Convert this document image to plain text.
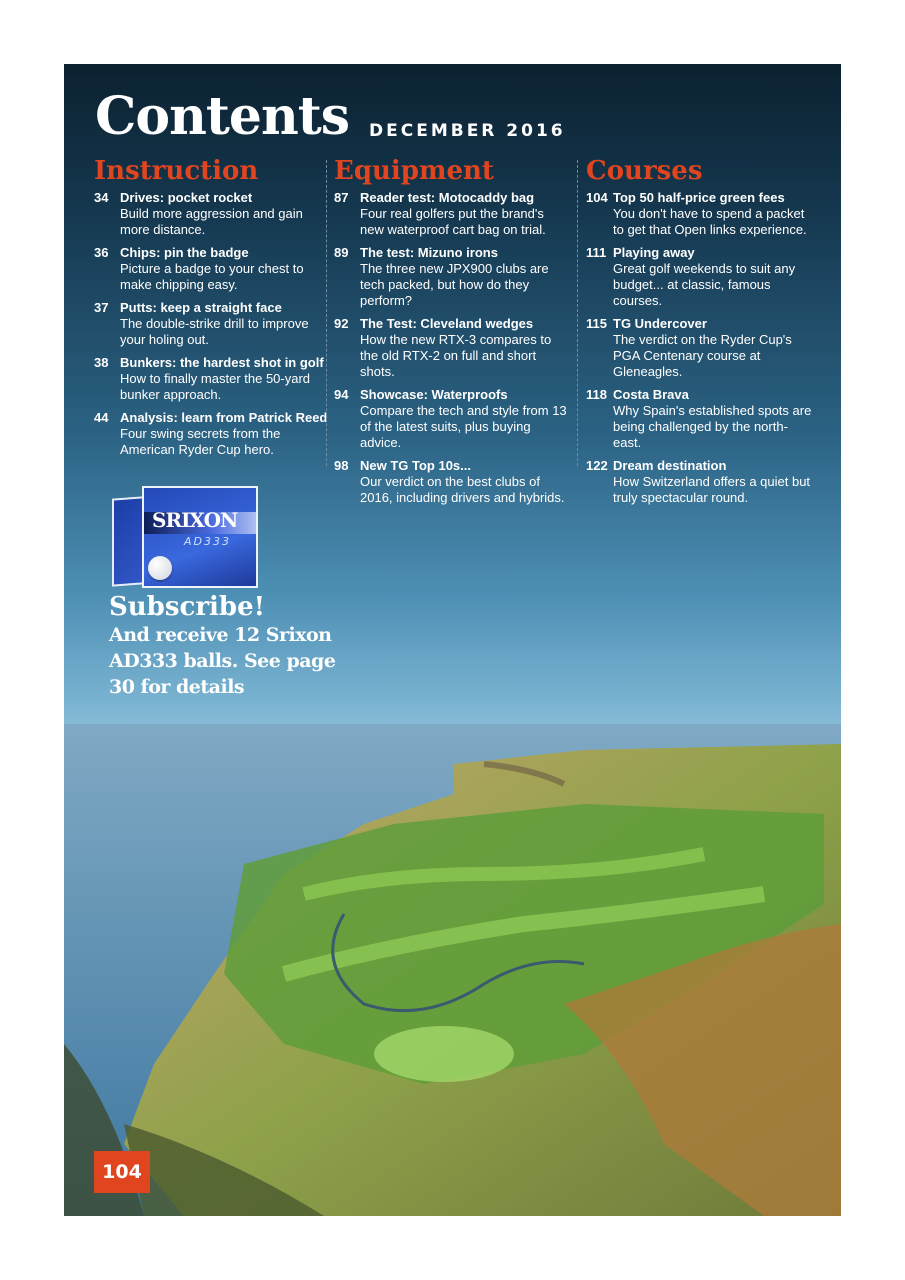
Contents DECEMBER 2016
Instruction
34 Drives: pocket rocket
Build more aggression and gain more distance.
36 Chips: pin the badge
Picture a badge to your chest to make chipping easy.
37 Putts: keep a straight face
The double-strike drill to improve your holing out.
38 Bunkers: the hardest shot in golf
How to finally master the 50-yard bunker approach.
44 Analysis: learn from Patrick Reed
Four swing secrets from the American Ryder Cup hero.
Equipment
87 Reader test: Motocaddy bag
Four real golfers put the brand's new waterproof cart bag on trial.
89 The test: Mizuno irons
The three new JPX900 clubs are tech packed, but how do they perform?
92 The Test: Cleveland wedges
How the new RTX-3 compares to the old RTX-2 on full and short shots.
94 Showcase: Waterproofs
Compare the tech and style from 13 of the latest suits, plus buying advice.
98 New TG Top 10s...
Our verdict on the best clubs of 2016, including drivers and hybrids.
Courses
104 Top 50 half-price green fees
You don't have to spend a packet to get that Open links experience.
111 Playing away
Great golf weekends to suit any budget... at classic, famous courses.
115 TG Undercover
The verdict on the Ryder Cup's PGA Centenary course at Gleneagles.
118 Costa Brava
Why Spain's established spots are being challenged by the north-east.
122 Dream destination
How Switzerland offers a quiet but truly spectacular round.
SRIXON
AD333
Subscribe!
And receive 12 Srixon
AD333 balls. See page
30 for details
104
